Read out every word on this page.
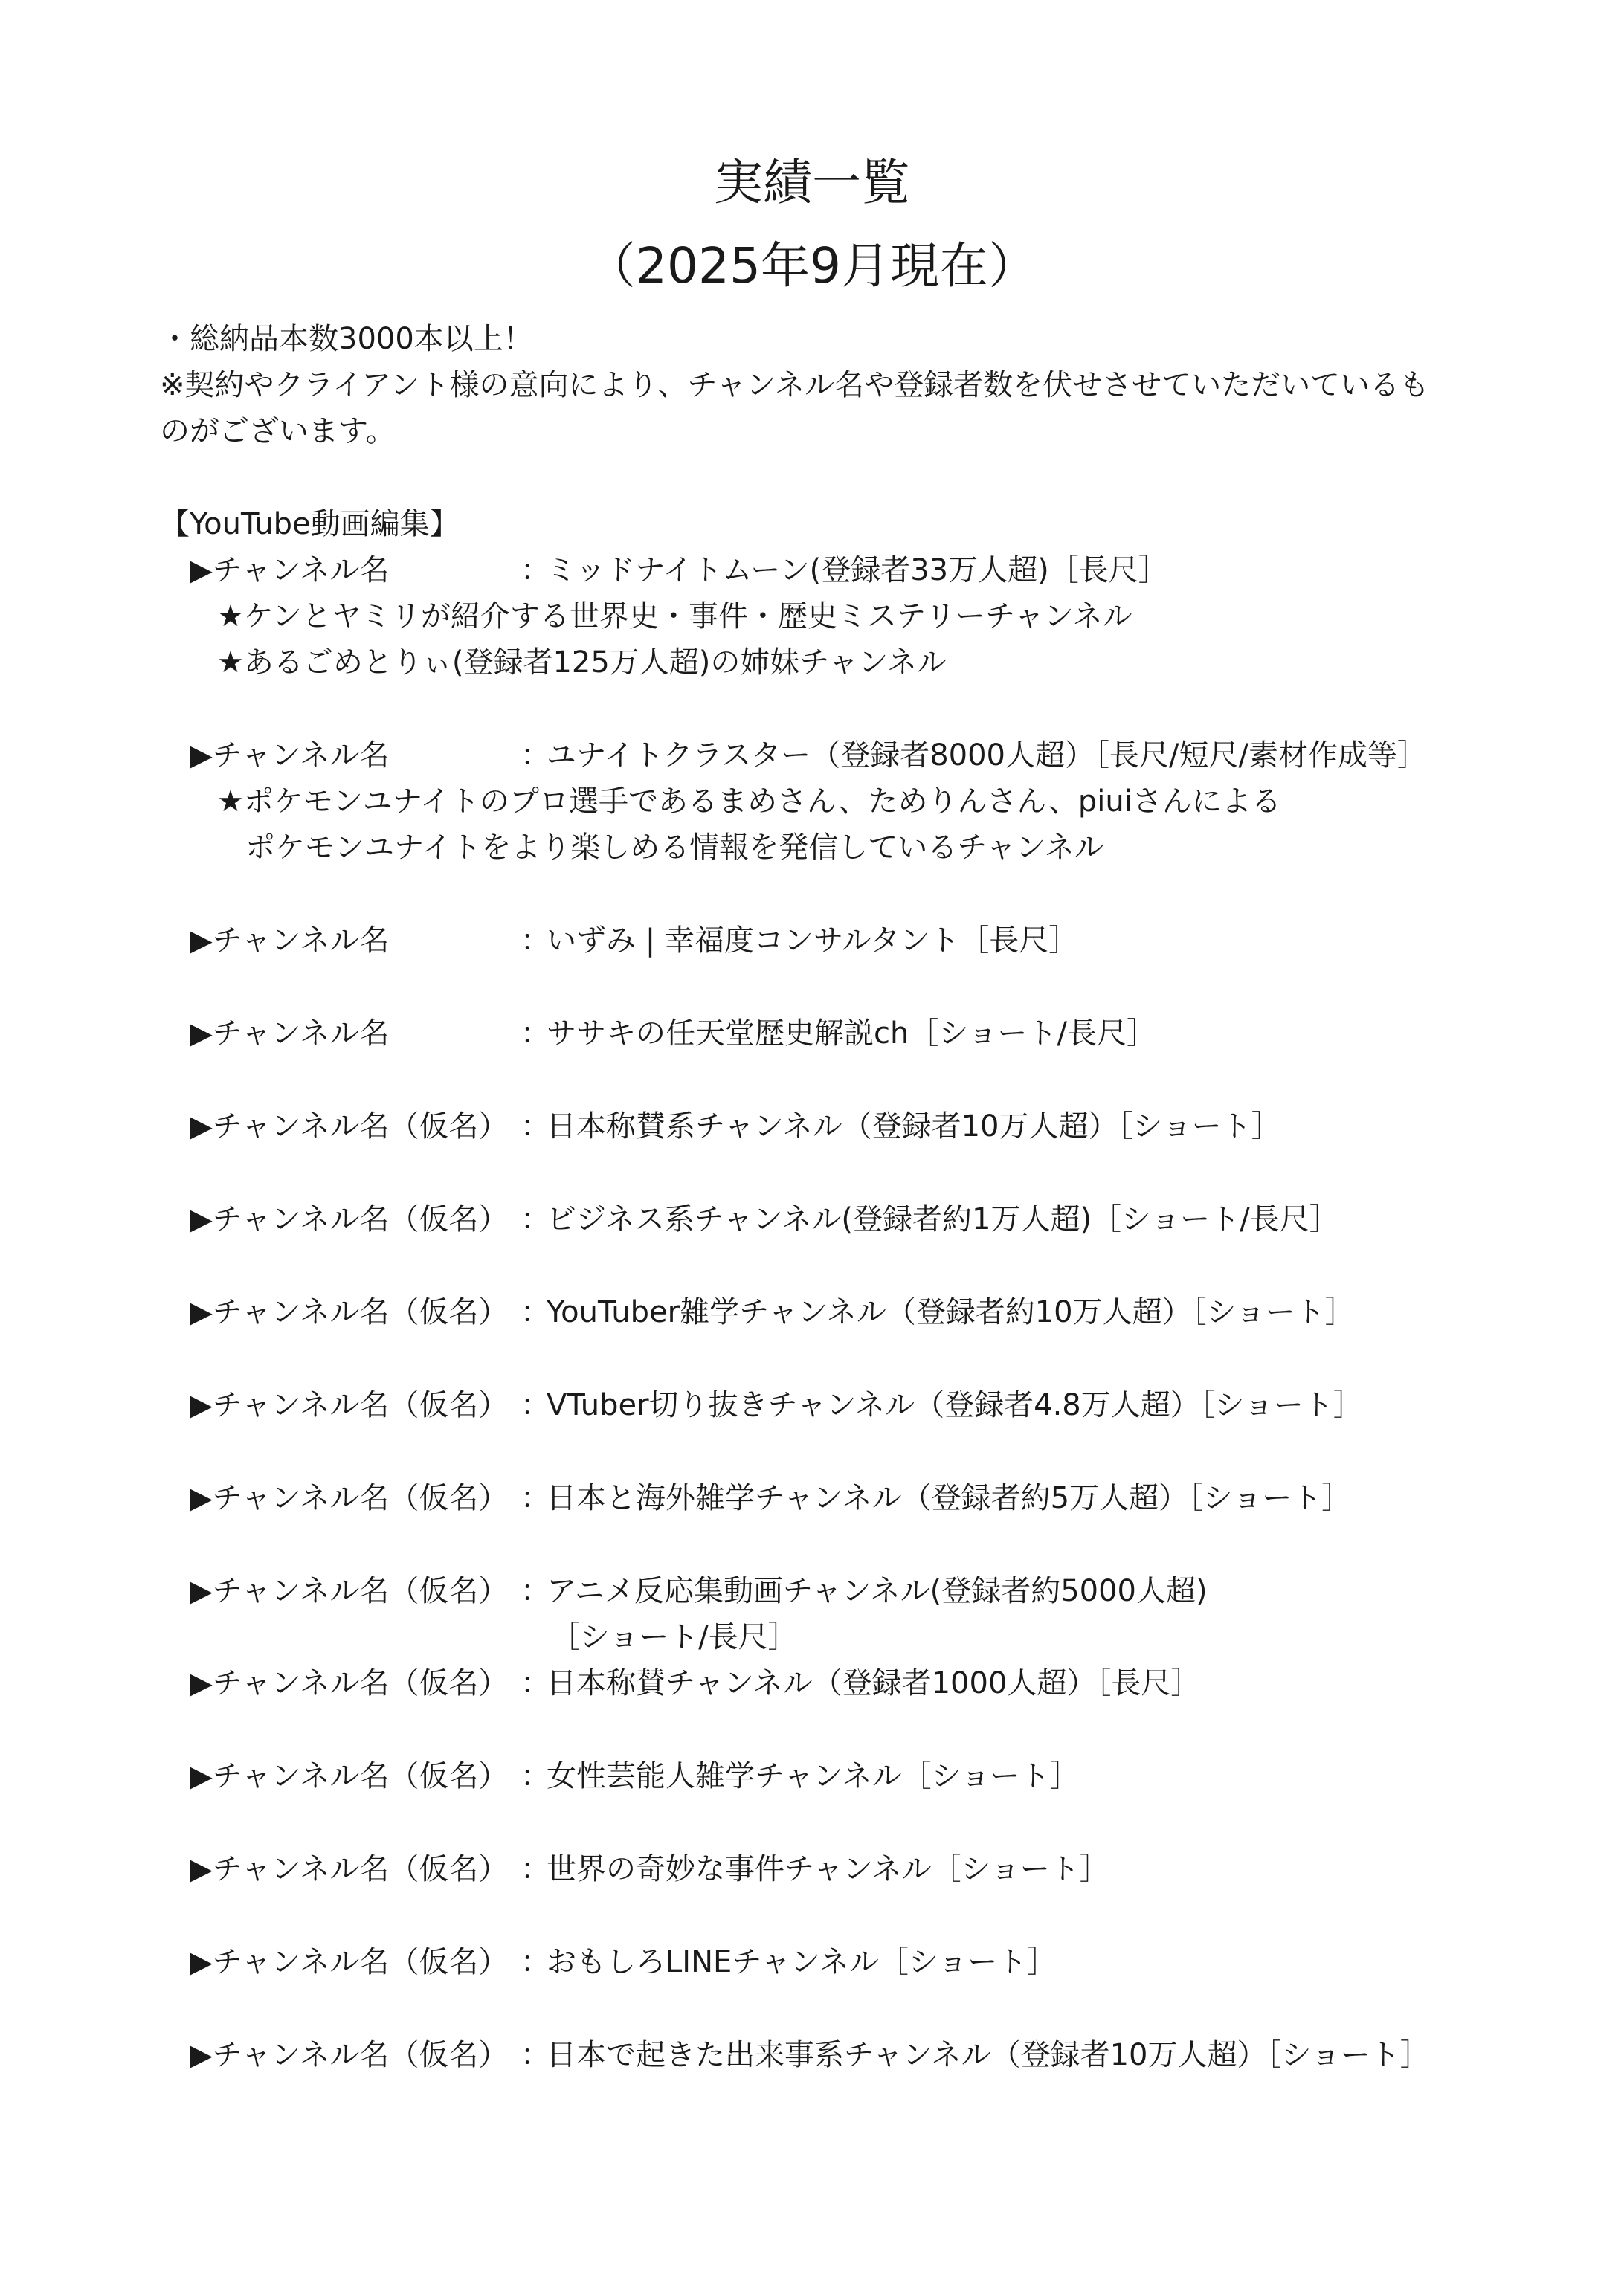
実績一覧
（2025年9月現在）
・総納品本数3000本以上！
※契約やクライアント様の意向により、チャンネル名や登録者数を伏せさせていただいているも
のがございます。
【YouTube動画編集】
▶チャンネル名	：
ミッドナイトムーン(登録者33万人超)［長尺］
★ケンとヤミリが紹介する世界史・事件・歴史ミステリーチャンネル
★あるごめとりぃ(登録者125万人超)の姉妹チャンネル
▶チャンネル名	：
ユナイトクラスター（登録者8000人超）［長尺/短尺/素材作成等］
★ポケモンユナイトのプロ選手であるまめさん、ためりんさん、piuiさんによる
ポケモンユナイトをより楽しめる情報を発信しているチャンネル
▶チャンネル名	：
いずみ | 幸福度コンサルタント［長尺］
▶チャンネル名	：
ササキの任天堂歴史解説ch［ショート/長尺］
▶チャンネル名（仮名） ：
日本称賛系チャンネル（登録者10万人超）［ショート］
▶チャンネル名（仮名） ：
ビジネス系チャンネル(登録者約1万人超)［ショート/長尺］
▶チャンネル名（仮名） ：
YouTuber雑学チャンネル（登録者約10万人超）［ショート］
▶チャンネル名（仮名） ：
VTuber切り抜きチャンネル（登録者4.8万人超）［ショート］
▶チャンネル名（仮名） ：
日本と海外雑学チャンネル（登録者約5万人超）［ショート］
▶チャンネル名（仮名） ：
アニメ反応集動画チャンネル(登録者約5000人超)
［ショート/長尺］
▶チャンネル名（仮名） ：
日本称賛チャンネル（登録者1000人超）［長尺］
▶チャンネル名（仮名） ：
女性芸能人雑学チャンネル［ショート］
▶チャンネル名（仮名） ：
世界の奇妙な事件チャンネル［ショート］
▶チャンネル名（仮名） ：
おもしろLINEチャンネル［ショート］
▶チャンネル名（仮名） ：
日本で起きた出来事系チャンネル（登録者10万人超）［ショート］
